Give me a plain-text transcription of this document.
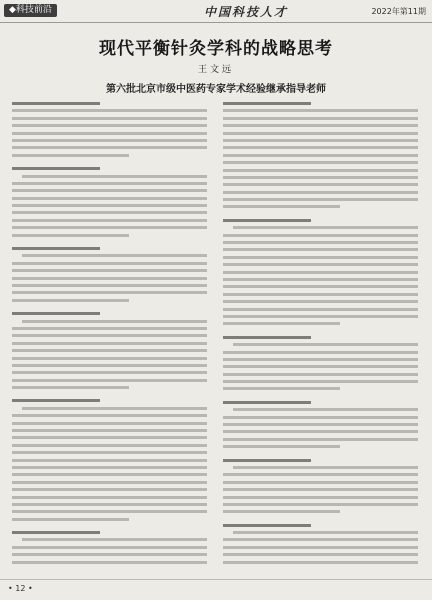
◆科技前沿	中国科技人才	2022年第11期
现代平衡针灸学科的战略思考
王文远
第六批北京市级中医药专家学术经验继承指导老师
• 12 •
